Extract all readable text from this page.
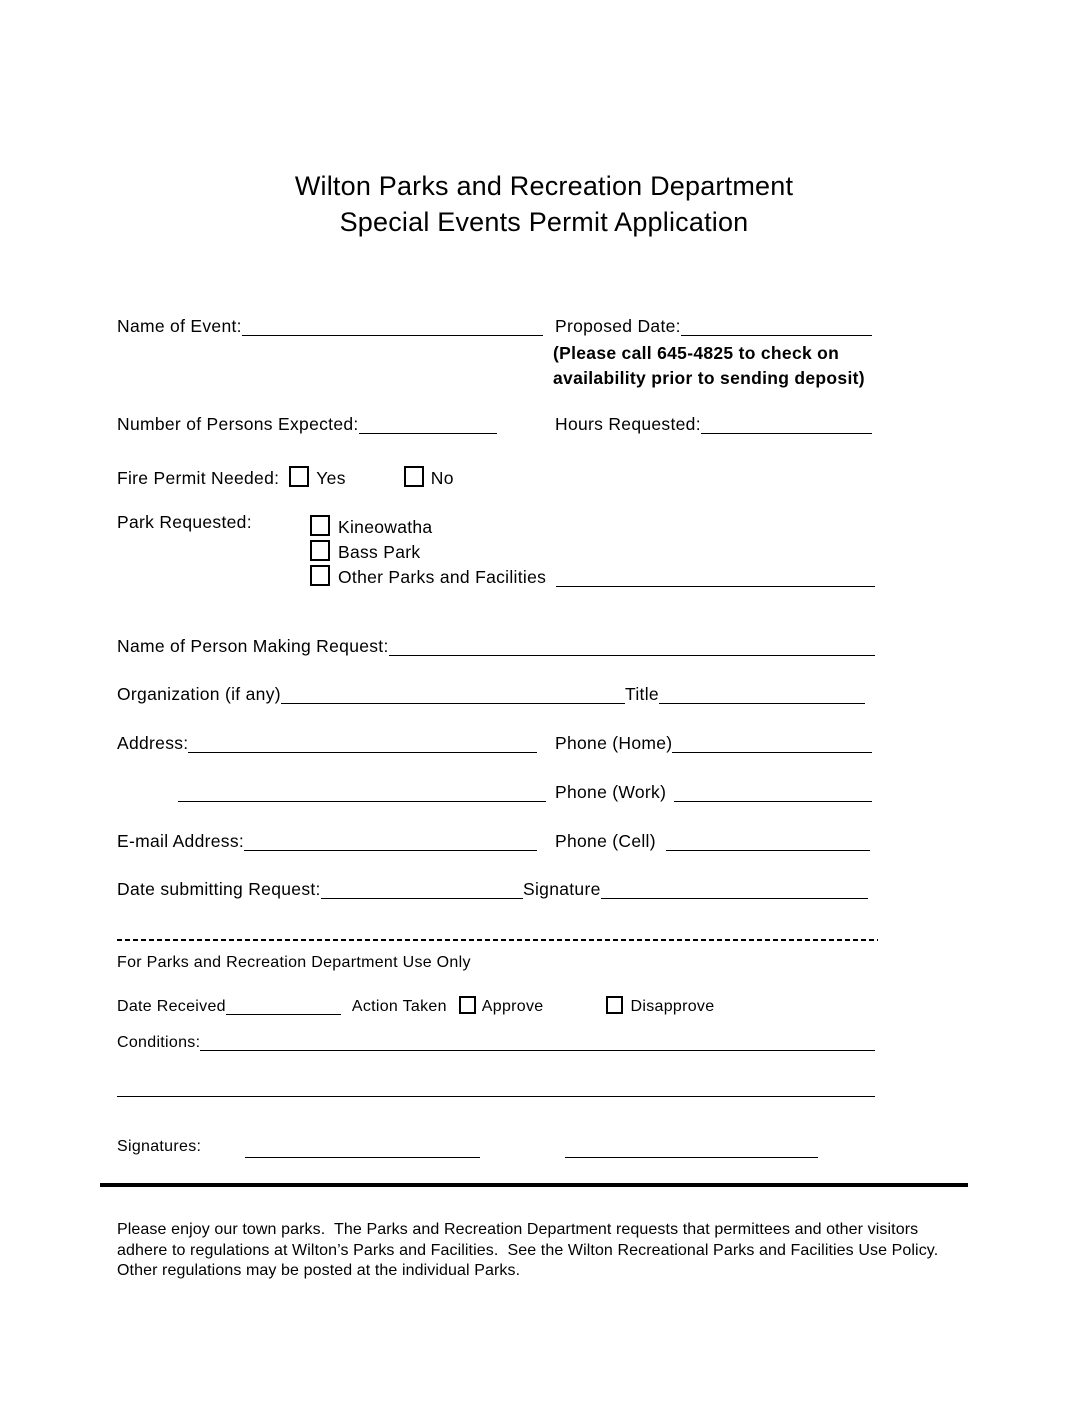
Wilton Parks and Recreation Department
Special Events Permit Application
Name of Event:	Proposed Date:
(Please call 645-4825 to check on
availability prior to sending deposit)
Number of Persons Expected:	Hours Requested:
Fire Permit Needed: Yes	No
Park Requested:	Kineowatha
Bass Park
Other Parks and Facilities
Name of Person Making Request:
Organization (if any)	Title
Address:	Phone (Home)
Phone (Work)
E-mail Address:	Phone (Cell)
Date submitting Request:	Signature
For Parks and Recreation Department Use Only
Date Received	Action Taken Approve	Disapprove
Conditions:
Signatures:
Please enjoy our town parks.  The Parks and Recreation Department requests that permittees and other visitors adhere to regulations at Wilton’s Parks and Facilities.  See the Wilton Recreational Parks and Facilities Use Policy.  Other regulations may be posted at the individual Parks.
